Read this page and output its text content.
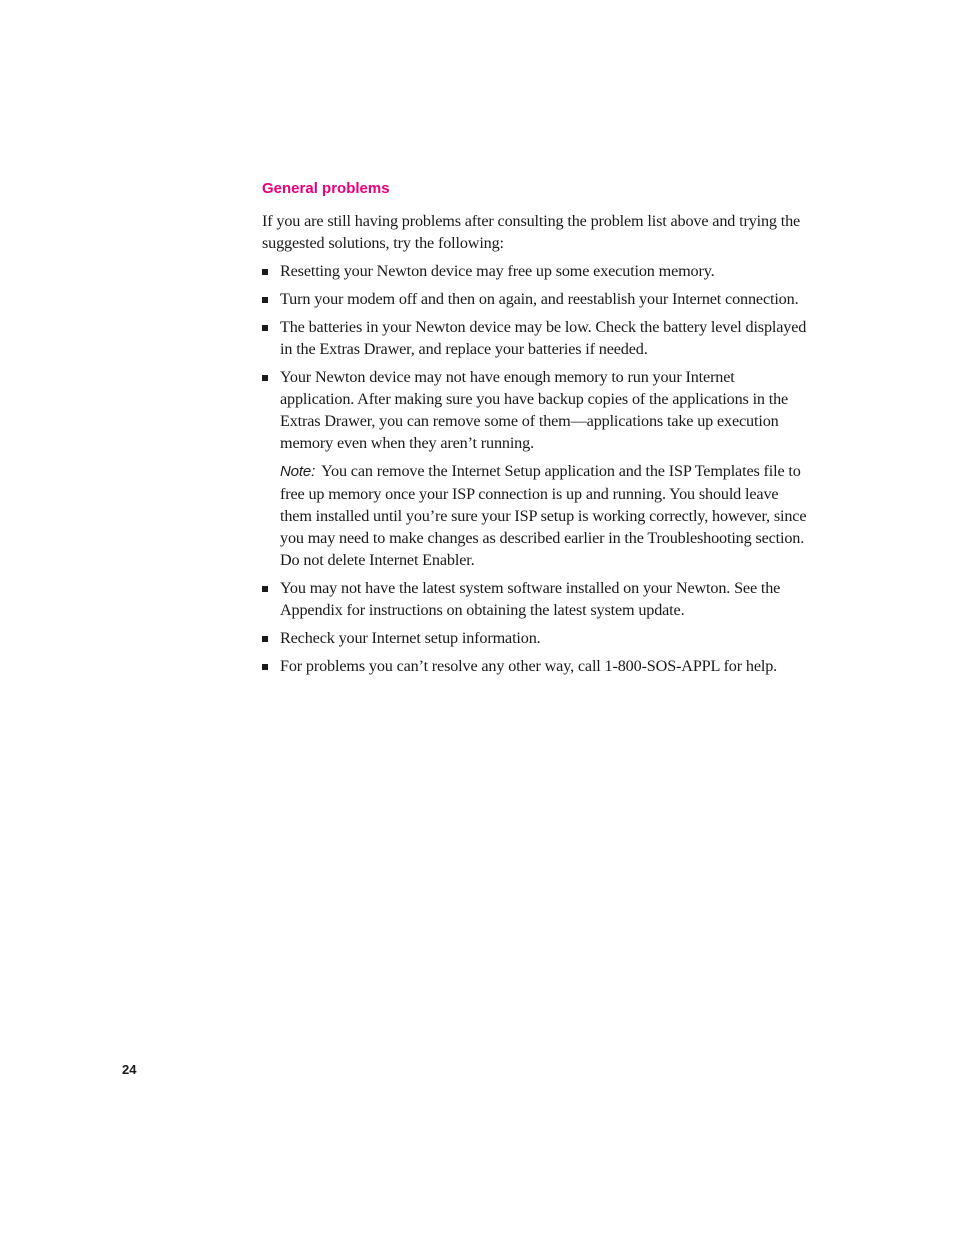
General problems

If you are still having problems after consulting the problem list above and trying the suggested solutions, try the following:

Resetting your Newton device may free up some execution memory.
Turn your modem off and then on again, and reestablish your Internet connection.
The batteries in your Newton device may be low. Check the battery level displayed in the Extras Drawer, and replace your batteries if needed.
Your Newton device may not have enough memory to run your Internet application. After making sure you have backup copies of the applications in the Extras Drawer, you can remove some of them—applications take up execution memory even when they aren’t running.

Note: You can remove the Internet Setup application and the ISP Templates file to free up memory once your ISP connection is up and running. You should leave them installed until you’re sure your ISP setup is working correctly, however, since you may need to make changes as described earlier in the Troubleshooting section. Do not delete Internet Enabler.

You may not have the latest system software installed on your Newton. See the Appendix for instructions on obtaining the latest system update.
Recheck your Internet setup information.
For problems you can’t resolve any other way, call 1-800-SOS-APPL for help.
24
